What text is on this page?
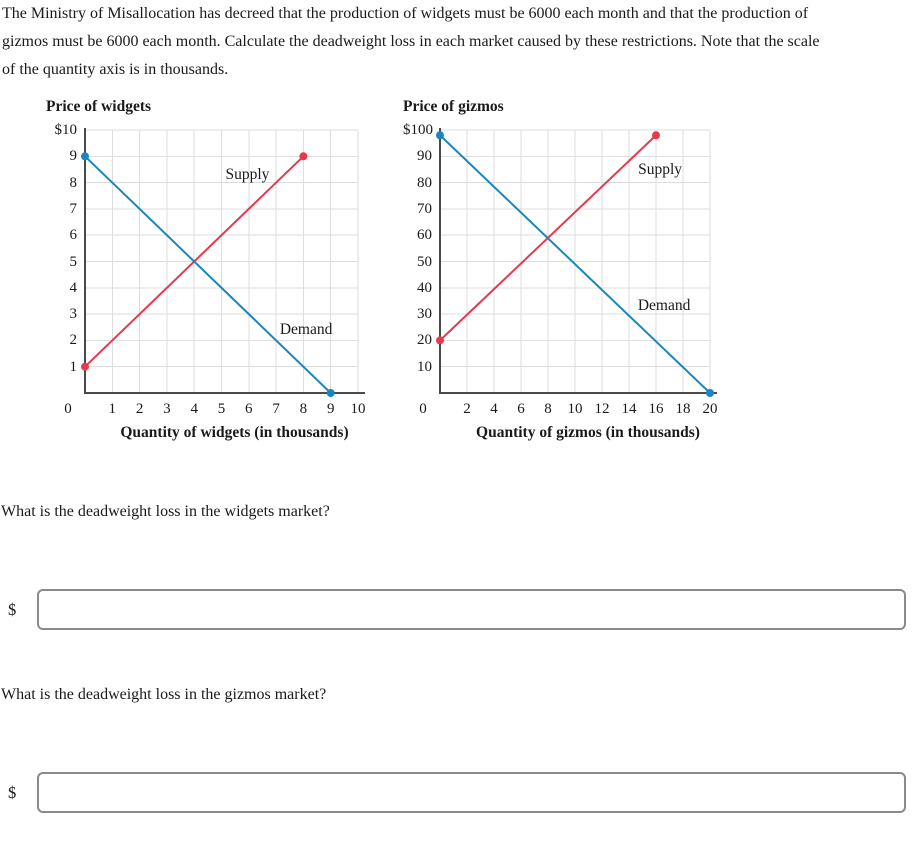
The Ministry of Misallocation has decreed that the production of widgets must be 6000 each month and that the production of
gizmos must be 6000 each month. Calculate the deadweight loss in each market caused by these restrictions. Note that the scale
of the quantity axis is in thousands.
Price of widgets
$10
9
8
7
6
5
4
3
2
1
1	2	3	4	5	6	7	8	9	10
0
Supply
Demand
Quantity of widgets (in thousands)
Price of gizmos
$100
90
80
70
60
50
40
30
20
10
2	4	6	8	10 12 14 16 18 20
0
Supply
Demand
Quantity of gizmos (in thousands)
What is the deadweight loss in the widgets market?
$
What is the deadweight loss in the gizmos market?
$
